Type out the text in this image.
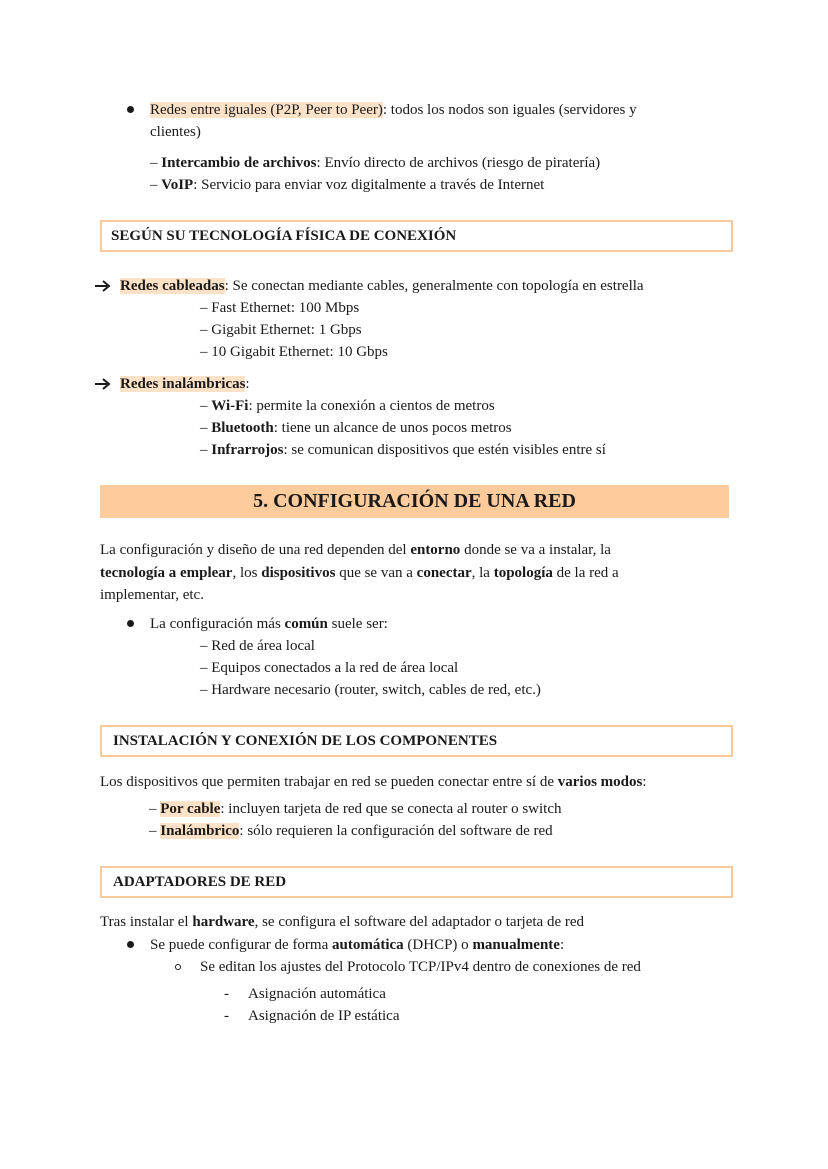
Redes entre iguales (P2P, Peer to Peer): todos los nodos son iguales (servidores y
clientes)
– Intercambio de archivos: Envío directo de archivos (riesgo de piratería)
– VoIP: Servicio para enviar voz digitalmente a través de Internet
SEGÚN SU TECNOLOGÍA FÍSICA DE CONEXIÓN
Redes cableadas: Se conectan mediante cables, generalmente con topología en estrella
– Fast Ethernet: 100 Mbps
– Gigabit Ethernet: 1 Gbps
– 10 Gigabit Ethernet: 10 Gbps
Redes inalámbricas:
– Wi-Fi: permite la conexión a cientos de metros
– Bluetooth: tiene un alcance de unos pocos metros
– Infrarrojos: se comunican dispositivos que estén visibles entre sí
5. CONFIGURACIÓN DE UNA RED
La configuración y diseño de una red dependen del entorno donde se va a instalar, la
tecnología a emplear, los dispositivos que se van a conectar, la topología de la red a
implementar, etc.
La configuración más común suele ser:
– Red de área local
– Equipos conectados a la red de área local
– Hardware necesario (router, switch, cables de red, etc.)
INSTALACIÓN Y CONEXIÓN DE LOS COMPONENTES
Los dispositivos que permiten trabajar en red se pueden conectar entre sí de varios modos:
– Por cable: incluyen tarjeta de red que se conecta al router o switch
– Inalámbrico: sólo requieren la configuración del software de red
ADAPTADORES DE RED
Tras instalar el hardware, se configura el software del adaptador o tarjeta de red
Se puede configurar de forma automática (DHCP) o manualmente:
Se editan los ajustes del Protocolo TCP/IPv4 dentro de conexiones de red
- Asignación automática
- Asignación de IP estática
